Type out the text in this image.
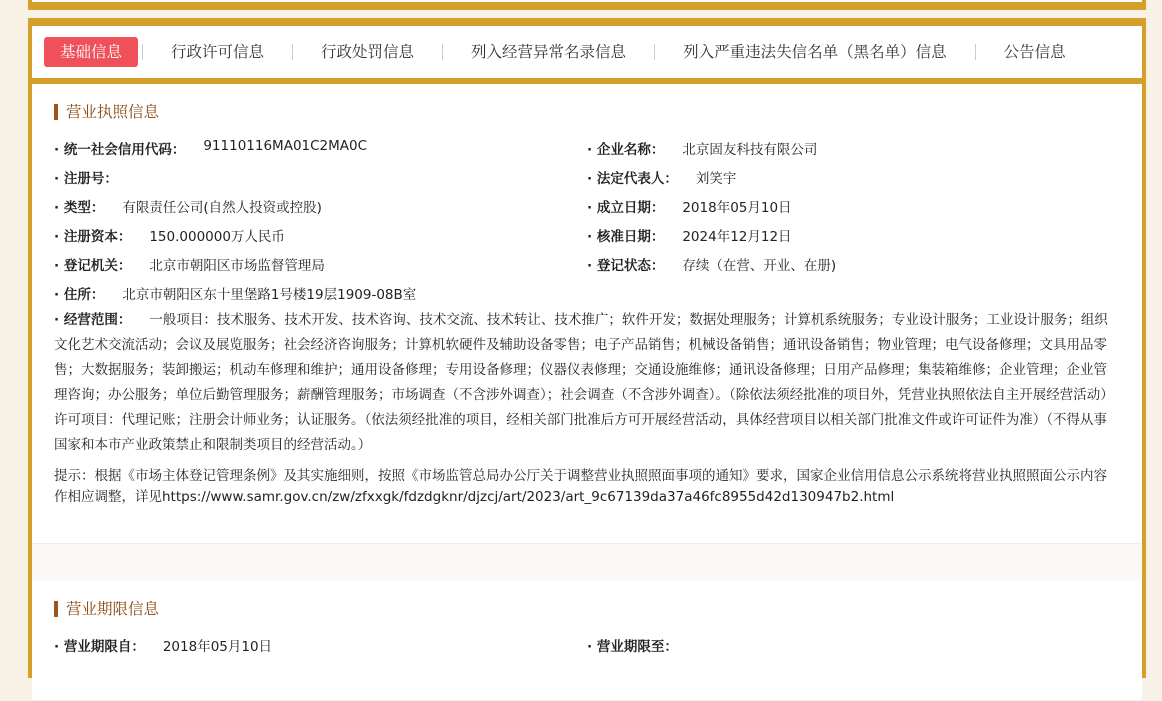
基础信息	行政许可信息	行政处罚信息	列入经营异常名录信息	列入严重违法失信名单（黑名单）信息	公告信息
营业执照信息
· 统一社会信用代码： 91110116MA01C2MA0C	· 企业名称： 北京固友科技有限公司
· 注册号：	· 法定代表人： 刘笑宇
· 类型： 有限责任公司(自然人投资或控股)	· 成立日期： 2018年05月10日
· 注册资本： 150.000000万人民币	· 核准日期： 2024年12月12日
· 登记机关： 北京市朝阳区市场监督管理局	· 登记状态： 存续（在营、开业、在册)
· 住所： 北京市朝阳区东十里堡路1号楼19层1909-08B室
· 经营范围： 一般项目：技术服务、技术开发、技术咨询、技术交流、技术转让、技术推广；软件开发；数据处理服务；计算机系统服务；专业设计服务；工业设计服务；组织文化艺术交流活动；会议及展览服务；社会经济咨询服务；计算机软硬件及辅助设备零售；电子产品销售；机械设备销售；通讯设备销售；物业管理；电气设备修理；文具用品零售；大数据服务；装卸搬运；机动车修理和维护；通用设备修理；专用设备修理；仪器仪表修理；交通设施维修；通讯设备修理；日用产品修理；集装箱维修；企业管理；企业管理咨询；办公服务；单位后勤管理服务；薪酬管理服务；市场调查（不含涉外调查）；社会调查（不含涉外调查）。（除依法须经批准的项目外，凭营业执照依法自主开展经营活动）许可项目：代理记账；注册会计师业务；认证服务。（依法须经批准的项目，经相关部门批准后方可开展经营活动，具体经营项目以相关部门批准文件或许可证件为准）（不得从事国家和本市产业政策禁止和限制类项目的经营活动。）
提示：根据《市场主体登记管理条例》及其实施细则，按照《市场监管总局办公厅关于调整营业执照照面事项的通知》要求，国家企业信用信息公示系统将营业执照照面公示内容作相应调整，详见https://www.samr.gov.cn/zw/zfxxgk/fdzdgknr/djzcj/art/2023/art_9c67139da37a46fc8955d42d130947b2.html
营业期限信息
· 营业期限自： 2018年05月10日	· 营业期限至：
